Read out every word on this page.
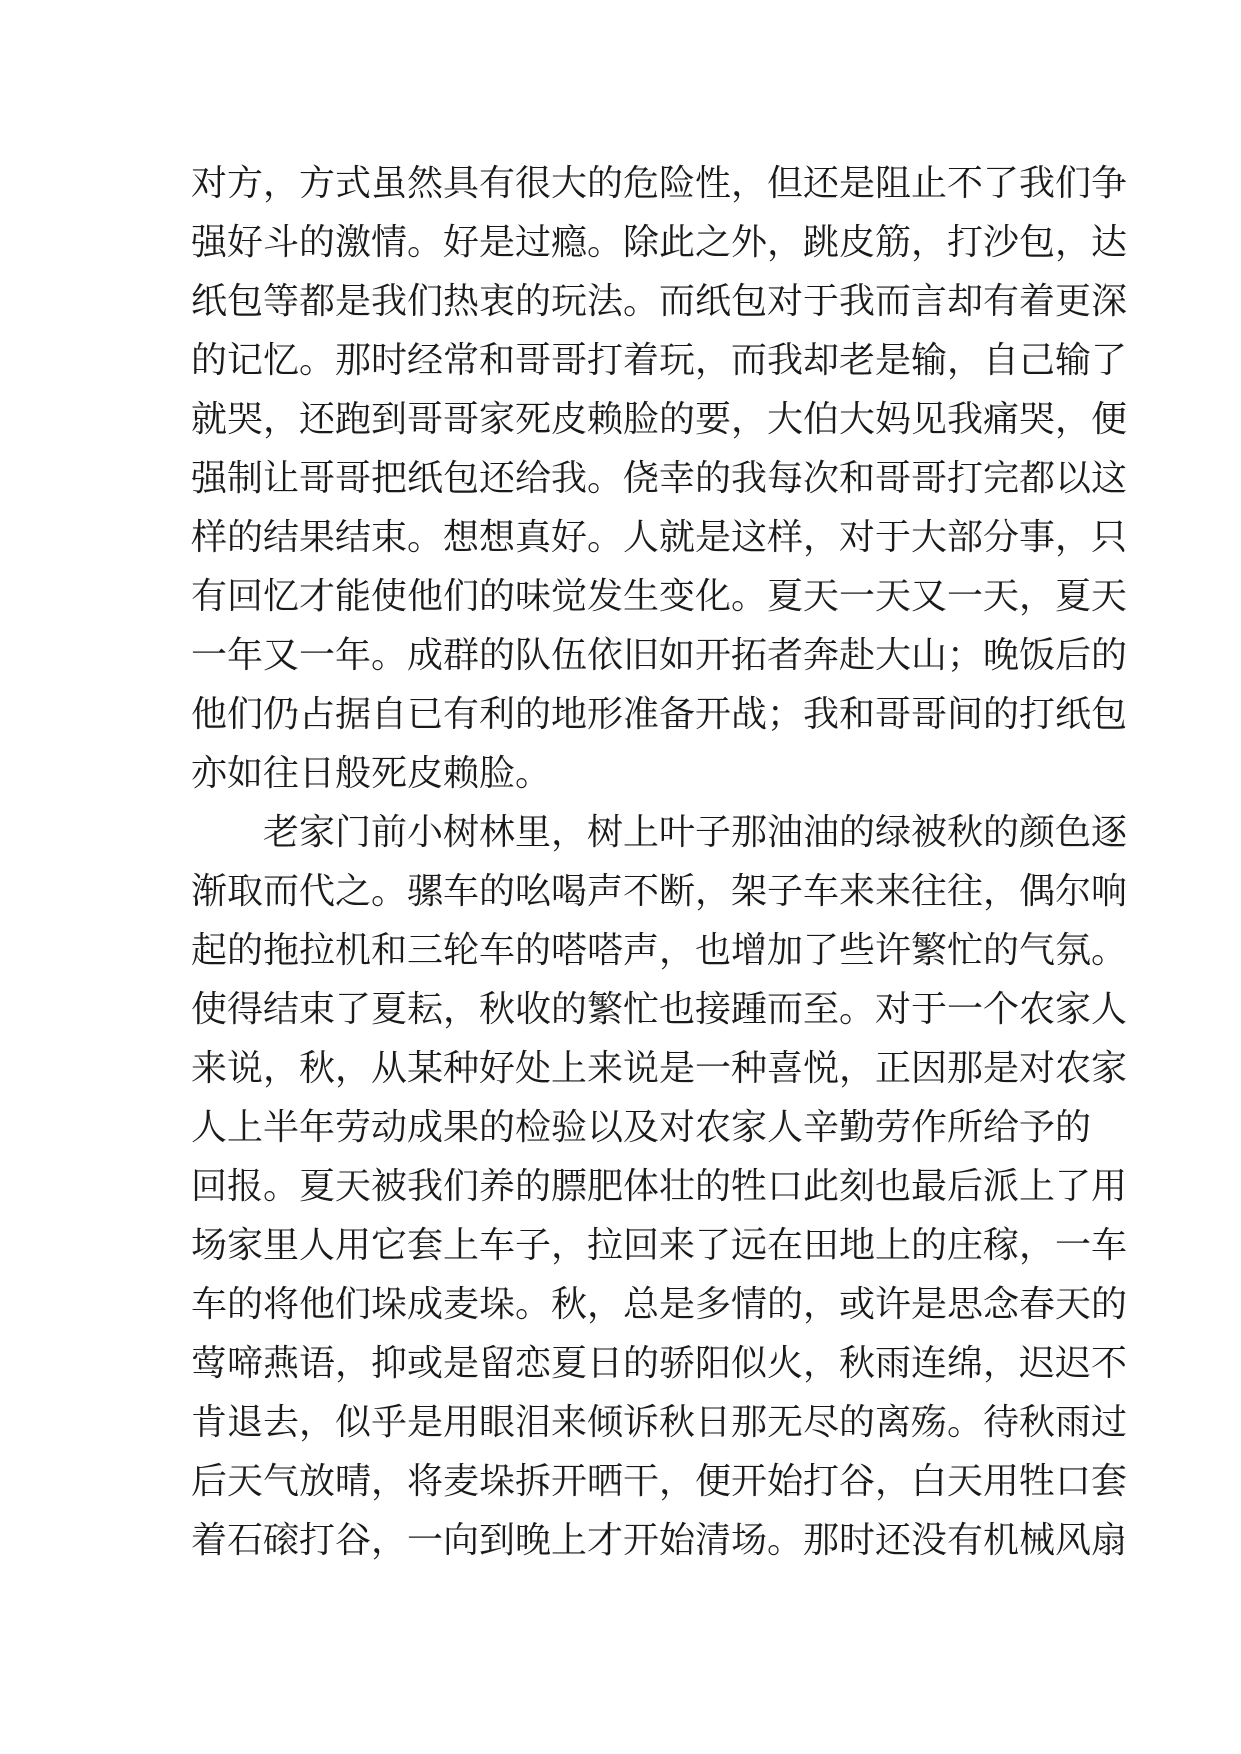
对方，方式虽然具有很大的危险性，但还是阻止不了我们争
强好斗的激情。好是过瘾。除此之外，跳皮筋，打沙包，达
纸包等都是我们热衷的玩法。而纸包对于我而言却有着更深
的记忆。那时经常和哥哥打着玩，而我却老是输，自己输了
就哭，还跑到哥哥家死皮赖脸的要，大伯大妈见我痛哭，便
强制让哥哥把纸包还给我。侥幸的我每次和哥哥打完都以这
样的结果结束。想想真好。人就是这样，对于大部分事，只
有回忆才能使他们的味觉发生变化。夏天一天又一天，夏天
一年又一年。成群的队伍依旧如开拓者奔赴大山；晚饭后的
他们仍占据自已有利的地形准备开战；我和哥哥间的打纸包
亦如往日般死皮赖脸。
老家门前小树林里，树上叶子那油油的绿被秋的颜色逐
渐取而代之。骡车的吆喝声不断，架子车来来往往，偶尔响
起的拖拉机和三轮车的嗒嗒声，也增加了些许繁忙的气氛。
使得结束了夏耘，秋收的繁忙也接踵而至。对于一个农家人
来说，秋，从某种好处上来说是一种喜悦，正因那是对农家
人上半年劳动成果的检验以及对农家人辛勤劳作所给予的
回报。夏天被我们养的膘肥体壮的牲口此刻也最后派上了用
场家里人用它套上车子，拉回来了远在田地上的庄稼，一车
车的将他们垛成麦垛。秋，总是多情的，或许是思念春天的
莺啼燕语，抑或是留恋夏日的骄阳似火，秋雨连绵，迟迟不
肯退去，似乎是用眼泪来倾诉秋日那无尽的离殇。待秋雨过
后天气放晴，将麦垛拆开晒干，便开始打谷，白天用牲口套
着石磙打谷，一向到晚上才开始清场。那时还没有机械风扇
